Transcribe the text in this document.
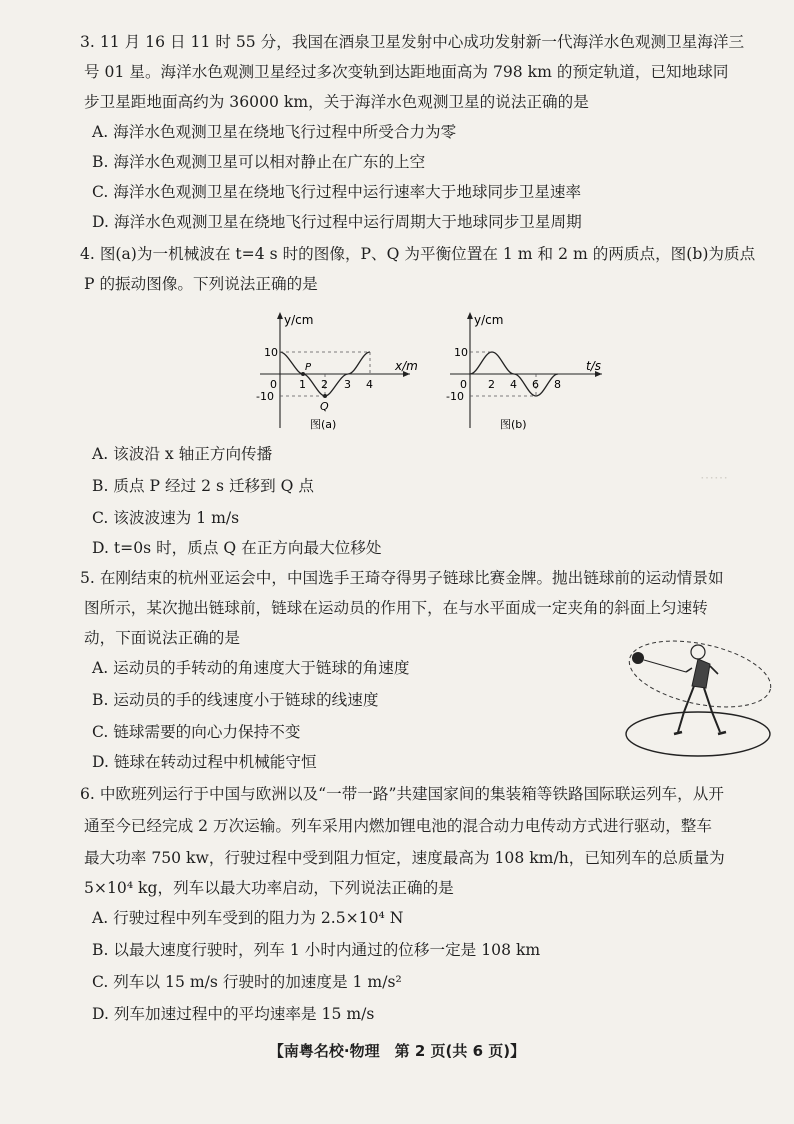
3. 11 月 16 日 11 时 55 分，我国在酒泉卫星发射中心成功发射新一代海洋水色观测卫星海洋三
号 01 星。海洋水色观测卫星经过多次变轨到达距地面高为 798 km 的预定轨道，已知地球同
步卫星距地面高约为 36000 km，关于海洋水色观测卫星的说法正确的是
A. 海洋水色观测卫星在绕地飞行过程中所受合力为零
B. 海洋水色观测卫星可以相对静止在广东的上空
C. 海洋水色观测卫星在绕地飞行过程中运行速率大于地球同步卫星速率
D. 海洋水色观测卫星在绕地飞行过程中运行周期大于地球同步卫星周期
4. 图(a)为一机械波在 t=4 s 时的图像，P、Q 为平衡位置在 1 m 和 2 m 的两质点，图(b)为质点
P 的振动图像。下列说法正确的是
y/cm
x/m
10
-10
0 1 2 3 4
P
Q
图(a)
y/cm
t/s
10
-10
0 2 4 6 8
图(b)
A. 该波沿 x 轴正方向传播
B. 质点 P 经过 2 s 迁移到 Q 点
C. 该波波速为 1 m/s
D. t=0s 时，质点 Q 在正方向最大位移处
⋯⋯
5. 在刚结束的杭州亚运会中，中国选手王琦夺得男子链球比赛金牌。抛出链球前的运动情景如
图所示，某次抛出链球前，链球在运动员的作用下，在与水平面成一定夹角的斜面上匀速转
动，下面说法正确的是
A. 运动员的手转动的角速度大于链球的角速度
B. 运动员的手的线速度小于链球的线速度
C. 链球需要的向心力保持不变
D. 链球在转动过程中机械能守恒
6. 中欧班列运行于中国与欧洲以及“一带一路”共建国家间的集装箱等铁路国际联运列车，从开
通至今已经完成 2 万次运输。列车采用内燃加锂电池的混合动力电传动方式进行驱动，整车
最大功率 750 kw，行驶过程中受到阻力恒定，速度最高为 108 km/h，已知列车的总质量为
5×10⁴ kg，列车以最大功率启动，下列说法正确的是
A. 行驶过程中列车受到的阻力为 2.5×10⁴ N
B. 以最大速度行驶时，列车 1 小时内通过的位移一定是 108 km
C. 列车以 15 m/s 行驶时的加速度是 1 m/s²
D. 列车加速过程中的平均速率是 15 m/s
【南粤名校·物理　第 2 页(共 6 页)】
